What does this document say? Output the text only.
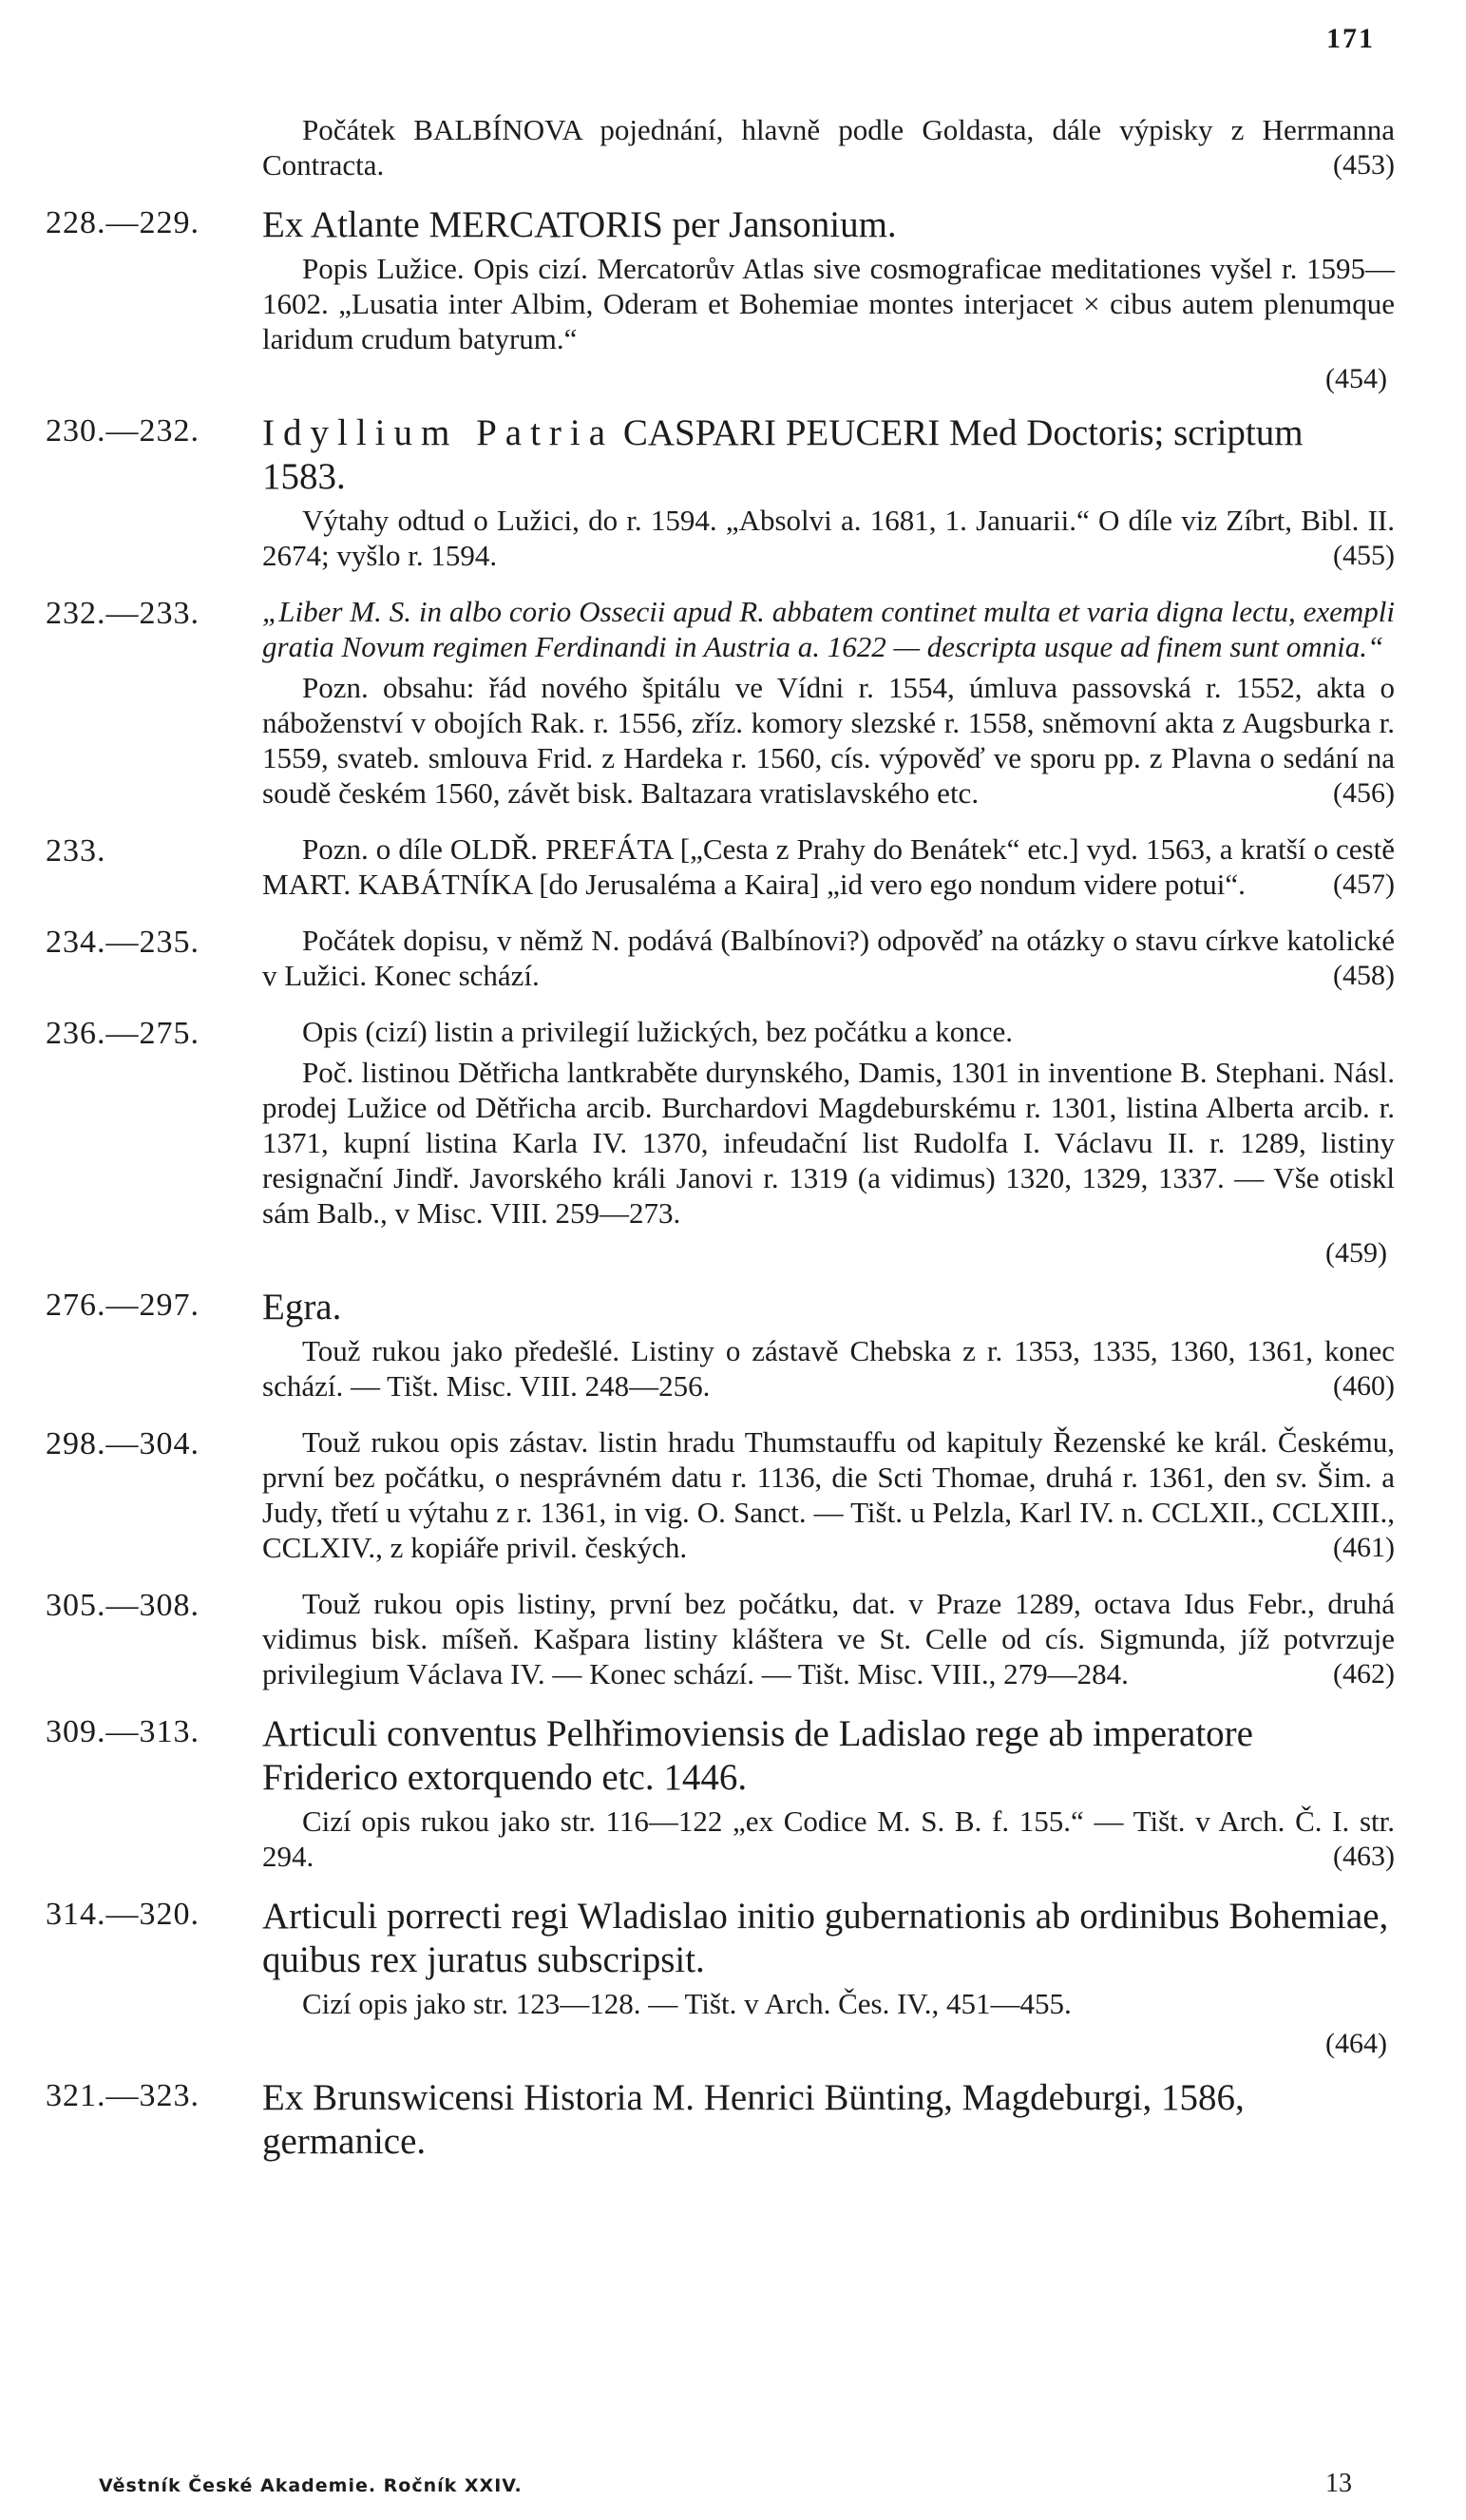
171

Počátek BALBÍNOVA pojednání, hlavně podle Goldasta, dále výpisky z Herrmanna Contracta.	(453)

228.—229.	Ex Atlante MERCATORIS per Jansonium.

Popis Lužice. Opis cizí. Mercatorův Atlas sive cosmograficae meditationes vyšel r. 1595—1602. „Lusatia inter Albim, Oderam et Bohemiae montes interjacet × cibus autem plenumque laridum crudum batyrum.“

(454)
230.—232.	Idyllium Patria CASPARI PEUCERI Med Doctoris; scriptum 1583.

Výtahy odtud o Lužici, do r. 1594. „Absolvi a. 1681, 1. Januarii.“ O díle viz Zíbrt, Bibl. II. 2674; vyšlo r. 1594.	(455)

232.—233.	„Liber M. S. in albo corio Ossecii apud R. abbatem continet multa et varia digna lectu, exempli gratia Novum regimen Ferdinandi in Austria a. 1622 — descripta usque ad finem sunt omnia.“

Pozn. obsahu: řád nového špitálu ve Vídni r. 1554, úmluva passovská r. 1552, akta o náboženství v obojích Rak. r. 1556, zříz. komory slezské r. 1558, sněmovní akta z Augsburka r. 1559, svateb. smlouva Frid. z Hardeka r. 1560, cís. výpověď ve sporu pp. z Plavna o sedání na soudě českém 1560, závět bisk. Baltazara vratislavského etc.	(456)

233.	Pozn. o díle OLDŘ. PREFÁTA [„Cesta z Prahy do Benátek“ etc.] vyd. 1563, a kratší o cestě MART. KABÁTNÍKA [do Jerusaléma a Kaira] „id vero ego nondum videre potui“.	(457)

234.—235.	Počátek dopisu, v němž N. podává (Balbínovi?) odpověď na otázky o stavu církve katolické v Lužici. Konec schází.	(458)

236.—275.	Opis (cizí) listin a privilegií lužických, bez počátku a konce.

Poč. listinou Dětřicha lantkraběte durynského, Damis, 1301 in inventione B. Stephani. Násl. prodej Lužice od Dětřicha arcib. Burchardovi Magdeburskému r. 1301, listina Alberta arcib. r. 1371, kupní listina Karla IV. 1370, infeudační list Rudolfa I. Václavu II. r. 1289, listiny resignační Jindř. Javorského králi Janovi r. 1319 (a vidimus) 1320, 1329, 1337. — Vše otiskl sám Balb., v Misc. VIII. 259—273.

(459)
276.—297.	Egra.

Touž rukou jako předešlé. Listiny o zástavě Chebska z r. 1353, 1335, 1360, 1361, konec schází. — Tišt. Misc. VIII. 248—256.	(460)

298.—304.	Touž rukou opis zástav. listin hradu Thumstauffu od kapituly Řezenské ke král. Českému, první bez počátku, o nesprávném datu r. 1136, die Scti Thomae, druhá r. 1361, den sv. Šim. a Judy, třetí u výtahu z r. 1361, in vig. O. Sanct. — Tišt. u Pelzla, Karl IV. n. CCLXII., CCLXIII., CCLXIV., z kopiáře privil. českých.	(461)

305.—308.	Touž rukou opis listiny, první bez počátku, dat. v Praze 1289, octava Idus Febr., druhá vidimus bisk. míšeň. Kašpara listiny kláštera ve St. Celle od cís. Sigmunda, jíž potvrzuje privilegium Václava IV. — Konec schází. — Tišt. Misc. VIII., 279—284.	(462)

309.—313.	Articuli conventus Pelhřimoviensis de Ladislao rege ab imperatore Friderico extorquendo etc. 1446.

Cizí opis rukou jako str. 116—122 „ex Codice M. S. B. f. 155.“ — Tišt. v Arch. Č. I. str. 294.	(463)

314.—320.	Articuli porrecti regi Wladislao initio gubernationis ab ordinibus Bohemiae, quibus rex juratus subscripsit.

Cizí opis jako str. 123—128. — Tišt. v Arch. Čes. IV., 451—455.

(464)
321.—323.	Ex Brunswicensi Historia M. Henrici Bünting, Magdeburgi, 1586, germanice.
Věstník České Akademie. Ročník XXIV.	13
